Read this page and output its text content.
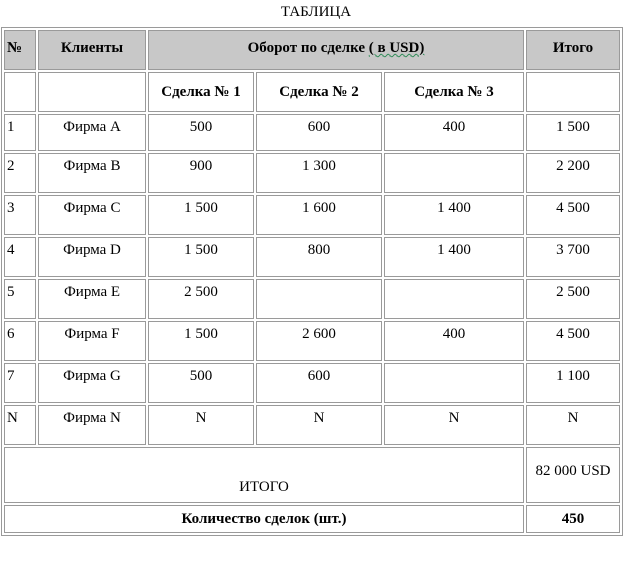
ТАБЛИЦА
№	Клиенты	Оборот по сделке ( в USD)			Итого
		Сделка № 1	Сделка № 2	Сделка № 3	
1	Фирма A	500	600	400	1 500
2	Фирма B	900	1 300		2 200
3	Фирма C	1 500	1 600	1 400	4 500
4	Фирма D	1 500	800	1 400	3 700
5	Фирма E	2 500			2 500
6	Фирма F	1 500	2 600	400	4 500
7	Фирма G	500	600		1 100
N	Фирма N	N	N	N	N
ИТОГО					82 000 USD
Количество сделок (шт.)					450
